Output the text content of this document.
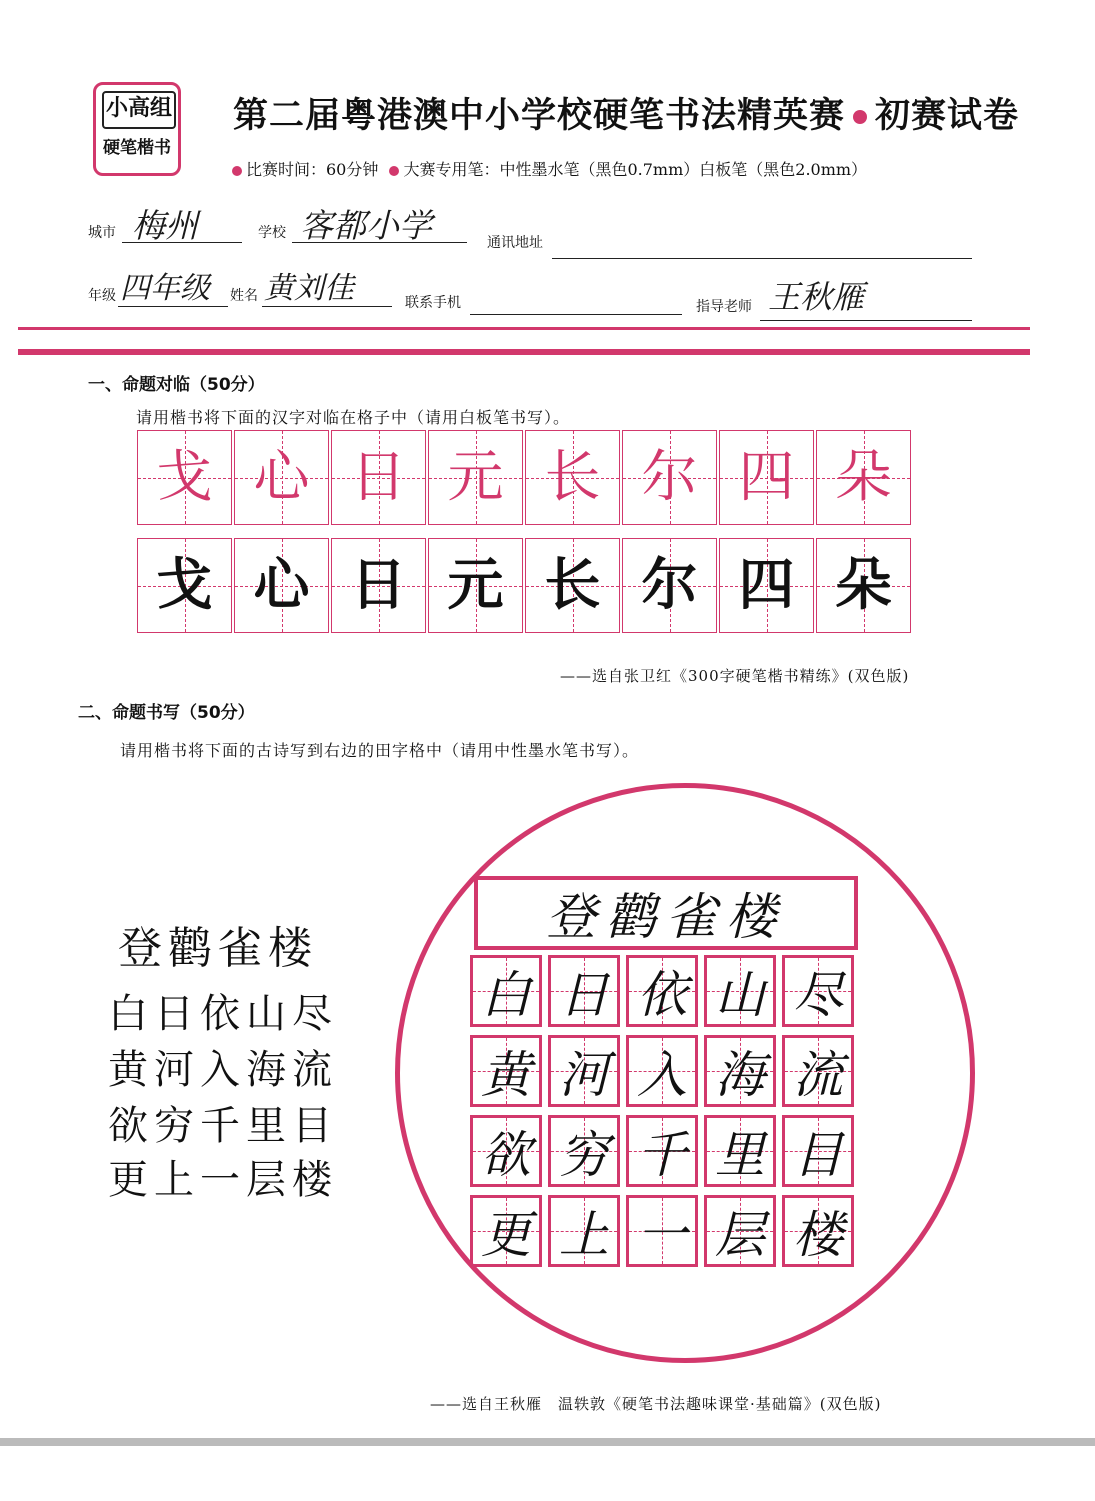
小高组
硬笔楷书
第二届粤港澳中小学校硬笔书法精英赛 初赛试卷
比赛时间：60分钟 大赛专用笔：中性墨水笔（黑色0.7mm）白板笔（黑色2.0mm）
城市 梅州	学校 客都小学	通讯地址
年级 四年级 姓名 黄刘佳	联系手机	指导老师 王秋雁
一、命题对临（50分）
请用楷书将下面的汉字对临在格子中（请用白板笔书写）。
戈 心 日 元 长 尔 四 朵
戈 心 日 元 长 尔 四 朵
——选自张卫红《300字硬笔楷书精练》(双色版)
二、命题书写（50分）
请用楷书将下面的古诗写到右边的田字格中（请用中性墨水笔书写）。
登鹳雀楼
白日依山尽
黄河入海流
欲穷千里目
更上一层楼
登鹳雀楼
白 日 依 山 尽
黄 河 入 海 流
欲 穷 千 里 目
更 上 一 层 楼
——选自王秋雁　温轶敦《硬笔书法趣味课堂·基础篇》(双色版)
